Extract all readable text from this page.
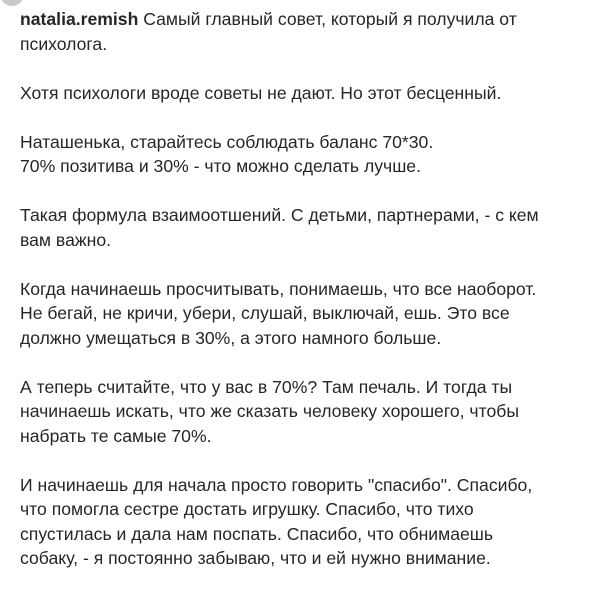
natalia.remish Самый главный совет, который я получила от
психолога.

Хотя психологи вроде советы не дают. Но этот бесценный.

Наташенька, старайтесь соблюдать баланс 70*30.
70% позитива и 30% - что можно сделать лучше.

Такая формула взаимоотшений. С детьми, партнерами, - с кем
вам важно.

Когда начинаешь просчитывать, понимаешь, что все наоборот.
Не бегай, не кричи, убери, слушай, выключай, ешь. Это все
должно умещаться в 30%, а этого намного больше.

А теперь считайте, что у вас в 70%? Там печаль. И тогда ты
начинаешь искать, что же сказать человеку хорошего, чтобы
набрать те самые 70%.

И начинаешь для начала просто говорить "спасибо". Спасибо,
что помогла сестре достать игрушку. Спасибо, что тихо
спустилась и дала нам поспать. Спасибо, что обнимаешь
собаку, - я постоянно забываю, что и ей нужно внимание.
